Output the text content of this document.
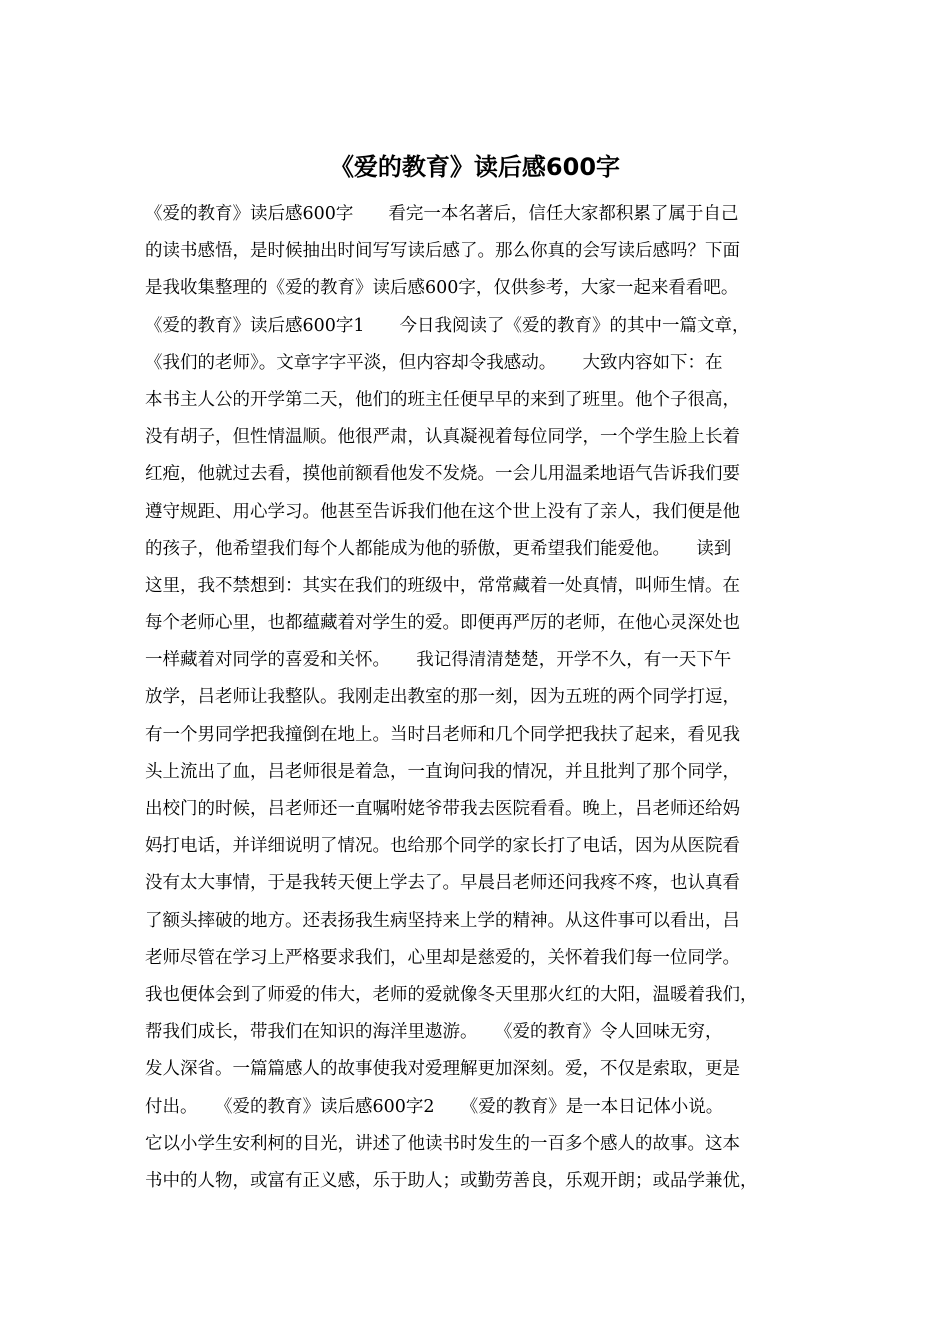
《爱的教育》读后感600字
《爱的教育》读后感600字　　看完一本名著后，信任大家都积累了属于自己
的读书感悟，是时候抽出时间写写读后感了。那么你真的会写读后感吗？下面
是我收集整理的《爱的教育》读后感600字，仅供参考，大家一起来看看吧。
《爱的教育》读后感600字1　　今日我阅读了《爱的教育》的其中一篇文章，
《我们的老师》。文章字字平淡，但内容却令我感动。　　大致内容如下：在
本书主人公的开学第二天，他们的班主任便早早的来到了班里。他个子很高，
没有胡子，但性情温顺。他很严肃，认真凝视着每位同学，一个学生脸上长着
红疱，他就过去看，摸他前额看他发不发烧。一会儿用温柔地语气告诉我们要
遵守规距、用心学习。他甚至告诉我们他在这个世上没有了亲人，我们便是他
的孩子，他希望我们每个人都能成为他的骄傲，更希望我们能爱他。　　读到
这里，我不禁想到：其实在我们的班级中，常常藏着一处真情，叫师生情。在
每个老师心里，也都蕴藏着对学生的爱。即便再严厉的老师，在他心灵深处也
一样藏着对同学的喜爱和关怀。　　我记得清清楚楚，开学不久，有一天下午
放学，吕老师让我整队。我刚走出教室的那一刻，因为五班的两个同学打逗，
有一个男同学把我撞倒在地上。当时吕老师和几个同学把我扶了起来，看见我
头上流出了血，吕老师很是着急，一直询问我的情况，并且批判了那个同学，
出校门的时候，吕老师还一直嘱咐姥爷带我去医院看看。晚上，吕老师还给妈
妈打电话，并详细说明了情况。也给那个同学的家长打了电话，因为从医院看
没有太大事情，于是我转天便上学去了。早晨吕老师还问我疼不疼，也认真看
了额头摔破的地方。还表扬我生病坚持来上学的精神。从这件事可以看出，吕
老师尽管在学习上严格要求我们，心里却是慈爱的，关怀着我们每一位同学。
我也便体会到了师爱的伟大，老师的爱就像冬天里那火红的大阳，温暖着我们，
帮我们成长，带我们在知识的海洋里遨游。　　《爱的教育》令人回味无穷，
发人深省。一篇篇感人的故事使我对爱理解更加深刻。爱，不仅是索取，更是
付出。　　《爱的教育》读后感600字2　　《爱的教育》是一本日记体小说。
它以小学生安利柯的目光，讲述了他读书时发生的一百多个感人的故事。这本
书中的人物，或富有正义感，乐于助人；或勤劳善良，乐观开朗；或品学兼优，
